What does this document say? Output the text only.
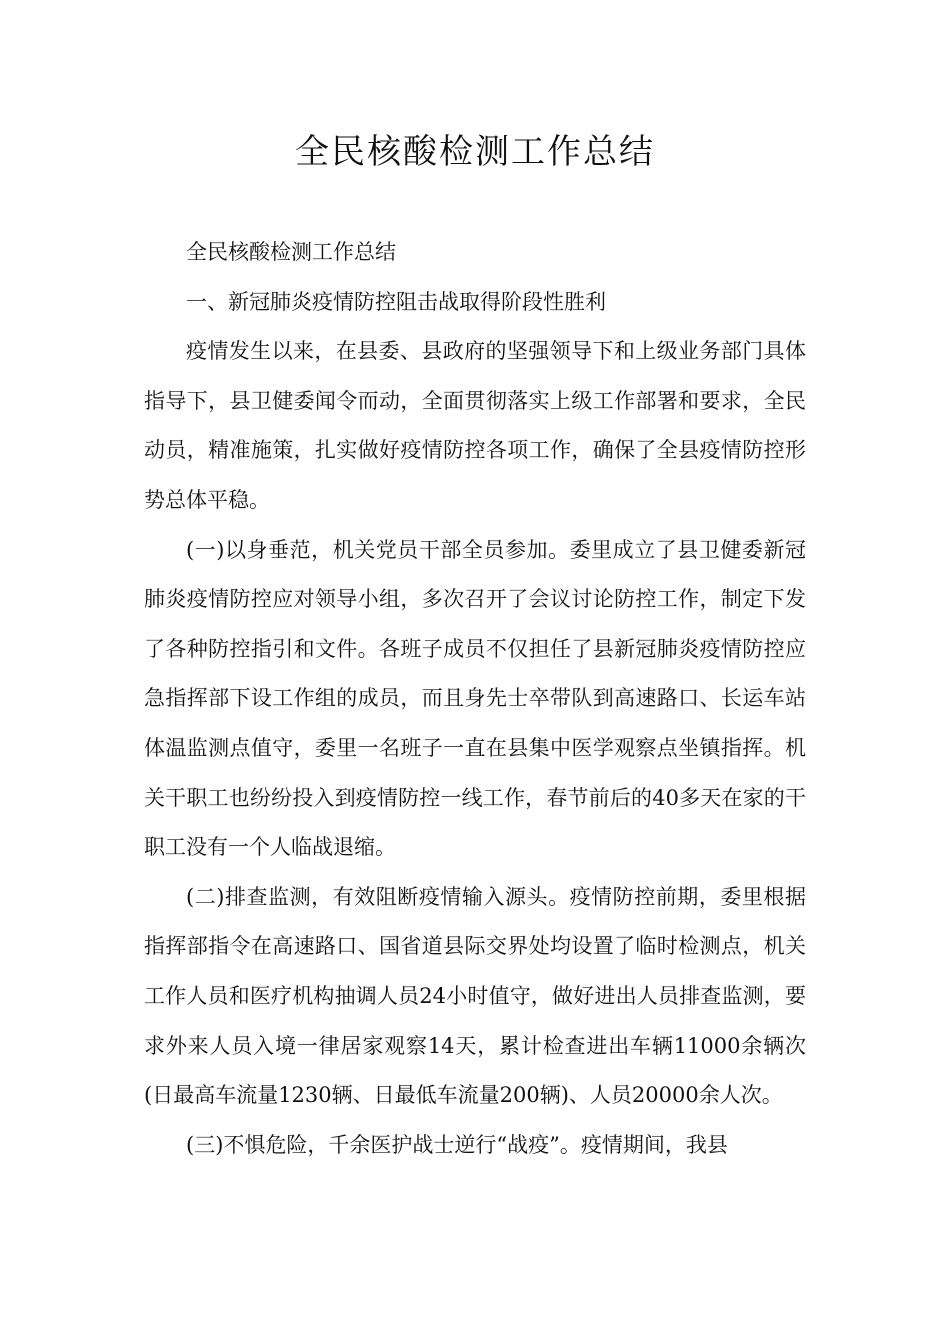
全民核酸检测工作总结

全民核酸检测工作总结

一、新冠肺炎疫情防控阻击战取得阶段性胜利

疫情发生以来，在县委、县政府的坚强领导下和上级业务部门具体指导下，县卫健委闻令而动，全面贯彻落实上级工作部署和要求，全民动员，精准施策，扎实做好疫情防控各项工作，确保了全县疫情防控形势总体平稳。

(一)以身垂范，机关党员干部全员参加。委里成立了县卫健委新冠肺炎疫情防控应对领导小组，多次召开了会议讨论防控工作，制定下发了各种防控指引和文件。各班子成员不仅担任了县新冠肺炎疫情防控应急指挥部下设工作组的成员，而且身先士卒带队到高速路口、长运车站体温监测点值守，委里一名班子一直在县集中医学观察点坐镇指挥。机关干职工也纷纷投入到疫情防控一线工作，春节前后的40多天在家的干职工没有一个人临战退缩。

(二)排查监测，有效阻断疫情输入源头。疫情防控前期，委里根据指挥部指令在高速路口、国省道县际交界处均设置了临时检测点，机关工作人员和医疗机构抽调人员24小时值守，做好进出人员排查监测，要求外来人员入境一律居家观察14天，累计检查进出车辆11000余辆次(日最高车流量1230辆、日最低车流量200辆)、人员20000余人次。

(三)不惧危险，千余医护战士逆行“战疫”。疫情期间，我县
